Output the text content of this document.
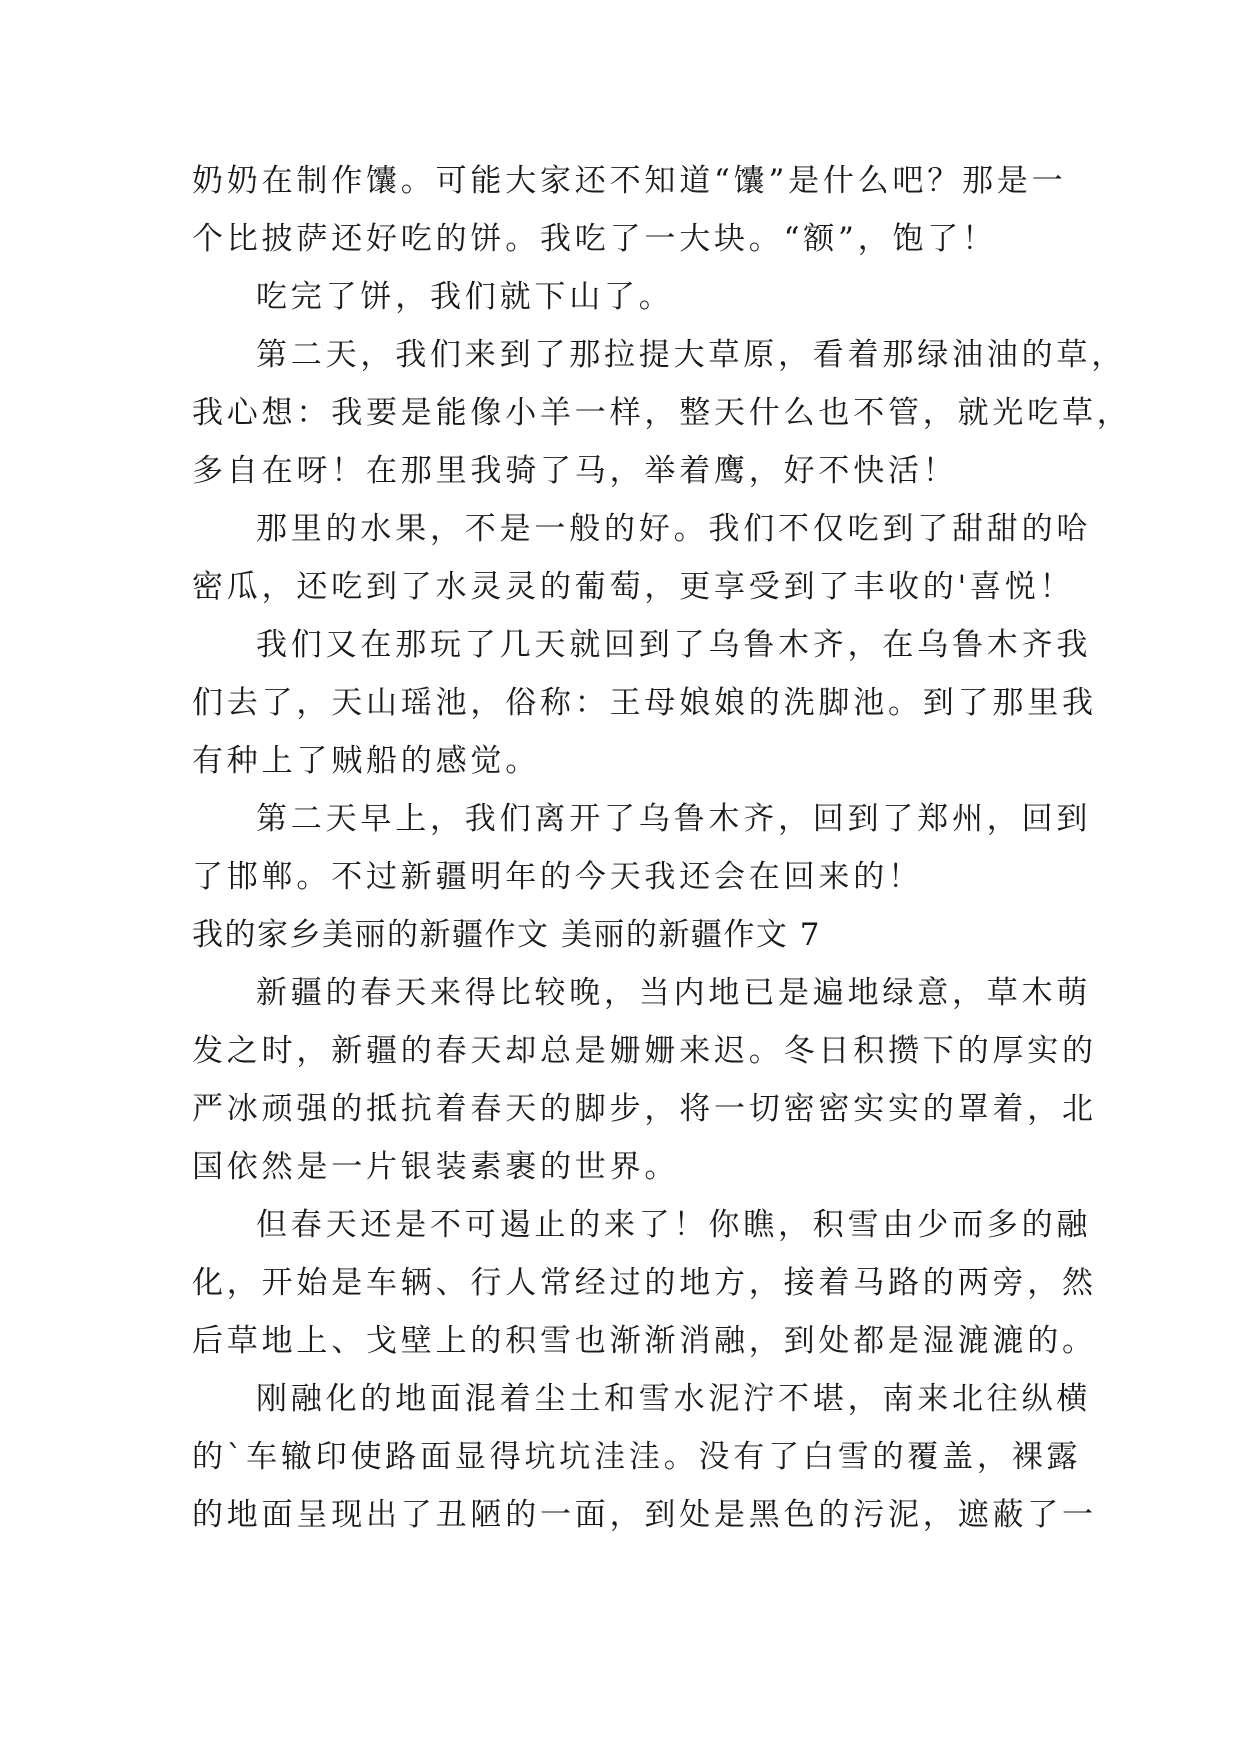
奶奶在制作馕。可能大家还不知道“馕”是什么吧？那是一
个比披萨还好吃的饼。我吃了一大块。“额”，饱了！
吃完了饼，我们就下山了。
第二天，我们来到了那拉提大草原，看着那绿油油的草，
我心想：我要是能像小羊一样，整天什么也不管，就光吃草，
多自在呀！在那里我骑了马，举着鹰，好不快活！
那里的水果，不是一般的好。我们不仅吃到了甜甜的哈
密瓜，还吃到了水灵灵的葡萄，更享受到了丰收的'喜悦！
我们又在那玩了几天就回到了乌鲁木齐，在乌鲁木齐我
们去了，天山瑶池，俗称：王母娘娘的洗脚池。到了那里我
有种上了贼船的感觉。
第二天早上，我们离开了乌鲁木齐，回到了郑州，回到
了邯郸。不过新疆明年的今天我还会在回来的！
我的家乡美丽的新疆作文 美丽的新疆作文 7
新疆的春天来得比较晚，当内地已是遍地绿意，草木萌
发之时，新疆的春天却总是姗姗来迟。冬日积攒下的厚实的
严冰顽强的抵抗着春天的脚步，将一切密密实实的罩着，北
国依然是一片银装素裹的世界。
但春天还是不可遏止的来了！你瞧，积雪由少而多的融
化，开始是车辆、行人常经过的地方，接着马路的两旁，然
后草地上、戈壁上的积雪也渐渐消融，到处都是湿漉漉的。
刚融化的地面混着尘土和雪水泥泞不堪，南来北往纵横
的`车辙印使路面显得坑坑洼洼。没有了白雪的覆盖，裸露
的地面呈现出了丑陋的一面，到处是黑色的污泥，遮蔽了一
